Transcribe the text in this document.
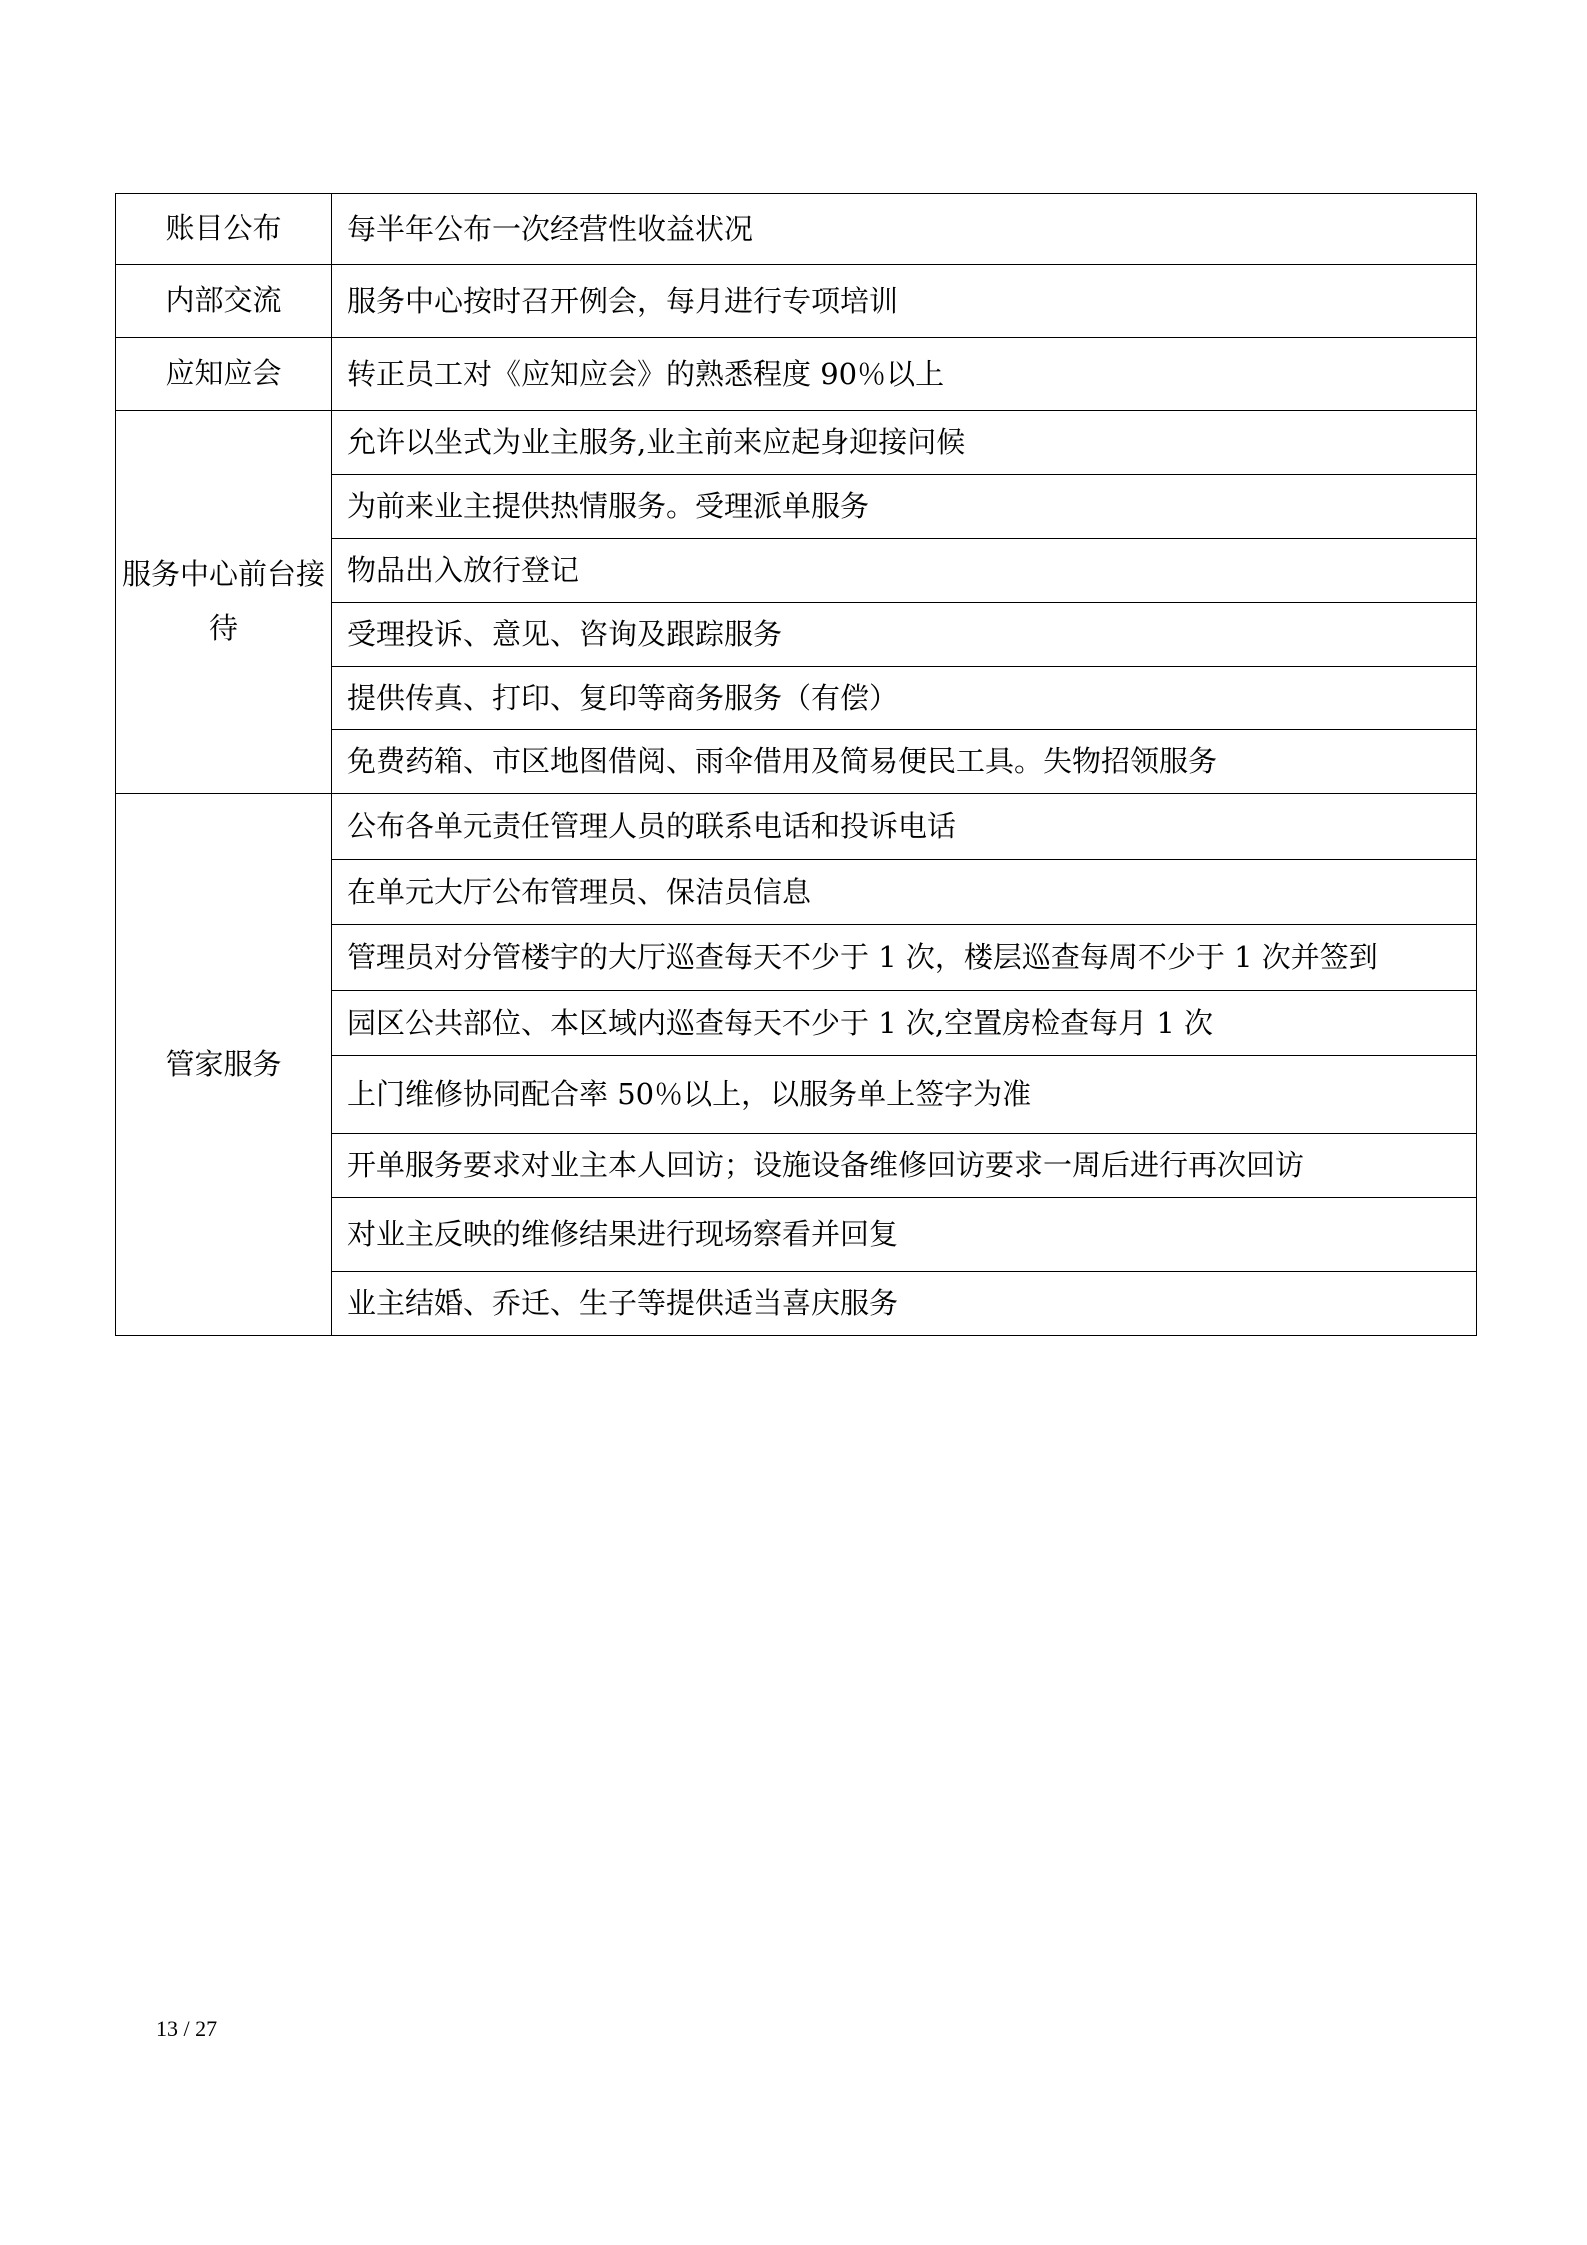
账目公布	每半年公布一次经营性收益状况
内部交流	服务中心按时召开例会，每月进行专项培训
应知应会	转正员工对《应知应会》的熟悉程度 90％以上
服务中心前台接待	允许以坐式为业主服务,业主前来应起身迎接问候
	为前来业主提供热情服务。受理派单服务
	物品出入放行登记
	受理投诉、意见、咨询及跟踪服务
	提供传真、打印、复印等商务服务（有偿）
	免费药箱、市区地图借阅、雨伞借用及简易便民工具。失物招领服务
管家服务	公布各单元责任管理人员的联系电话和投诉电话
	在单元大厅公布管理员、保洁员信息
	管理员对分管楼宇的大厅巡查每天不少于 1 次，楼层巡查每周不少于 1 次并签到
	园区公共部位、本区域内巡查每天不少于 1 次,空置房检查每月 1 次
	上门维修协同配合率 50％以上，以服务单上签字为准
	开单服务要求对业主本人回访；设施设备维修回访要求一周后进行再次回访
	对业主反映的维修结果进行现场察看并回复
	业主结婚、乔迁、生子等提供适当喜庆服务
13 / 27
